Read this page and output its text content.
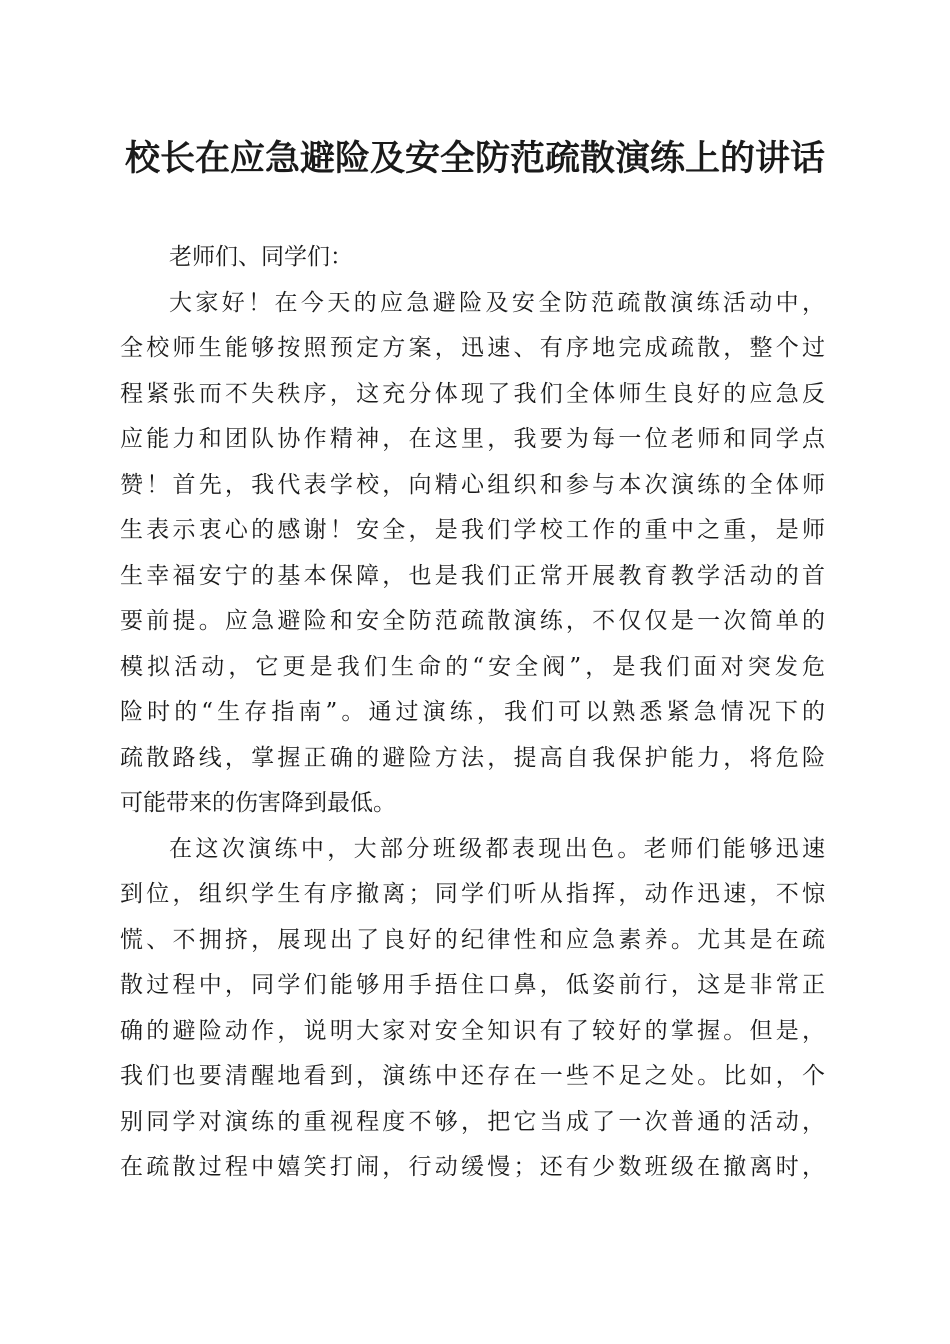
校长在应急避险及安全防范疏散演练上的讲话
老师们、同学们：
大家好！在今天的应急避险及安全防范疏散演练活动中，
全校师生能够按照预定方案，迅速、有序地完成疏散，整个过
程紧张而不失秩序，这充分体现了我们全体师生良好的应急反
应能力和团队协作精神，在这里，我要为每一位老师和同学点
赞！首先，我代表学校，向精心组织和参与本次演练的全体师
生表示衷心的感谢！安全，是我们学校工作的重中之重，是师
生幸福安宁的基本保障，也是我们正常开展教育教学活动的首
要前提。应急避险和安全防范疏散演练，不仅仅是一次简单的
模拟活动，它更是我们生命的“安全阀”，是我们面对突发危
险时的“生存指南”。通过演练，我们可以熟悉紧急情况下的
疏散路线，掌握正确的避险方法，提高自我保护能力，将危险
可能带来的伤害降到最低。
在这次演练中，大部分班级都表现出色。老师们能够迅速
到位，组织学生有序撤离；同学们听从指挥，动作迅速，不惊
慌、不拥挤，展现出了良好的纪律性和应急素养。尤其是在疏
散过程中，同学们能够用手捂住口鼻，低姿前行，这是非常正
确的避险动作，说明大家对安全知识有了较好的掌握。但是，
我们也要清醒地看到，演练中还存在一些不足之处。比如，个
别同学对演练的重视程度不够，把它当成了一次普通的活动，
在疏散过程中嬉笑打闹，行动缓慢；还有少数班级在撤离时，
